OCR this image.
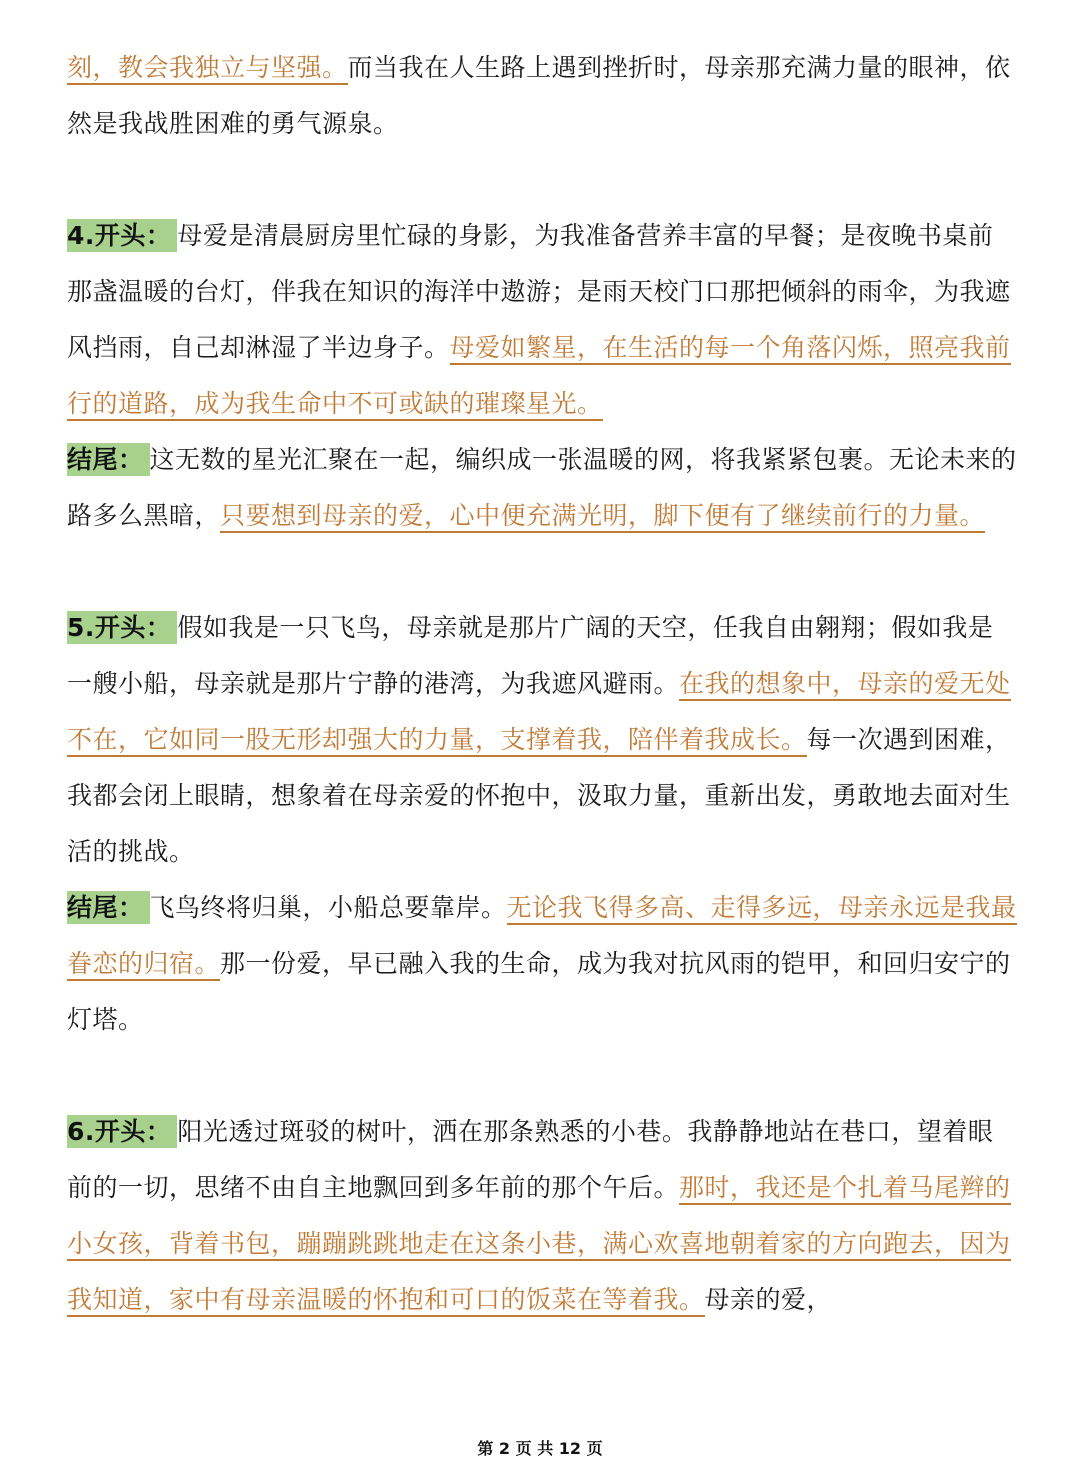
刻，教会我独立与坚强。而当我在人生路上遇到挫折时，母亲那充满力量的眼神，依然是我战胜困难的勇气源泉。

4.开头： 母爱是清晨厨房里忙碌的身影，为我准备营养丰富的早餐；是夜晚书桌前那盏温暖的台灯，伴我在知识的海洋中遨游；是雨天校门口那把倾斜的雨伞，为我遮风挡雨，自己却淋湿了半边身子。母爱如繁星，在生活的每一个角落闪烁，照亮我前行的道路，成为我生命中不可或缺的璀璨星光。

结尾： 这无数的星光汇聚在一起，编织成一张温暖的网，将我紧紧包裹。无论未来的路多么黑暗，只要想到母亲的爱，心中便充满光明，脚下便有了继续前行的力量。

5.开头： 假如我是一只飞鸟，母亲就是那片广阔的天空，任我自由翱翔；假如我是一艘小船，母亲就是那片宁静的港湾，为我遮风避雨。在我的想象中，母亲的爱无处不在，它如同一股无形却强大的力量，支撑着我，陪伴着我成长。每一次遇到困难，我都会闭上眼睛，想象着在母亲爱的怀抱中，汲取力量，重新出发，勇敢地去面对生活的挑战。

结尾： 飞鸟终将归巢，小船总要靠岸。无论我飞得多高、走得多远，母亲永远是我最眷恋的归宿。那一份爱，早已融入我的生命，成为我对抗风雨的铠甲，和回归安宁的灯塔。

6.开头： 阳光透过斑驳的树叶，洒在那条熟悉的小巷。我静静地站在巷口，望着眼前的一切，思绪不由自主地飘回到多年前的那个午后。那时，我还是个扎着马尾辫的小女孩，背着书包，蹦蹦跳跳地走在这条小巷，满心欢喜地朝着家的方向跑去，因为我知道，家中有母亲温暖的怀抱和可口的饭菜在等着我。母亲的爱，

第 2 页 共 12 页
